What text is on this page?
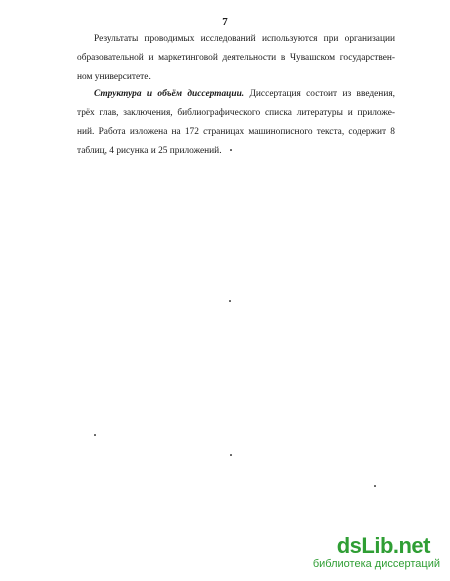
7
Результаты проводимых исследований используются при организации
образовательной и маркетинговой деятельности в Чувашском государствен-
ном университете.
Структура и объём диссертации. Диссертация состоит из введения,
трёх глав, заключения, библиографического списка литературы и приложе-
ний. Работа изложена на 172 страницах машинописного текста, содержит 8
таблиц, 4 рисунка и 25 приложений.
dsLib.net
библиотека диссертаций
